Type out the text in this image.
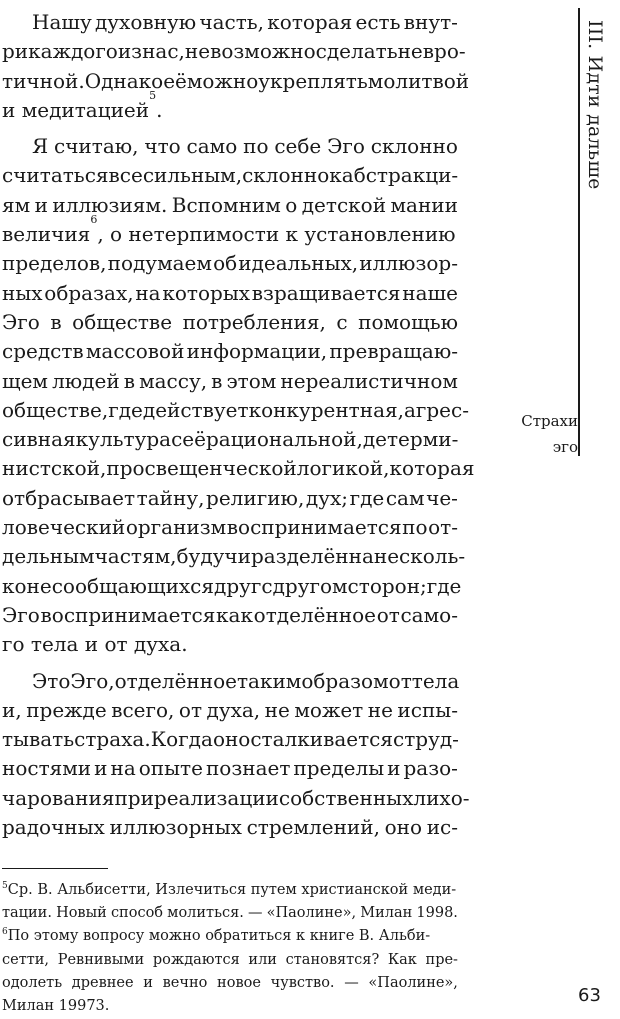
Нашу духовную часть, которая есть внут-
ри каждого из нас, невозможно сделать невро-
тичной. Однако её можно укреплять молитвой
и медитацией
5
.
Я считаю, что само по себе Эго склонно
считаться всесильным, склонно к абстракци-
ям и иллюзиям. Вспомним о детской мании
величия
6
, о нетерпимости к установлению
пределов, подумаем об идеальных, иллюзор-
ных образах, на которых взращивается наше
Эго в обществе потребления, с помощью
средств массовой информации, превращаю-
щем людей в массу, в этом нереалистичном
обществе, где действует конкурентная, агрес-
сивная культура с её рациональной, детерми-
нистской, просвещенческой логикой, которая
отбрасывает тайну, религию, дух; где сам че-
ловеческий организм воспринимается по от-
дельным частям, будучи разделён на несколь-
ко не сообщающихся друг с другом сторон; где
Эго воспринимается как отделённое от само-
го тела и от духа.
Это Эго, отделённое таким образом от тела
и, прежде всего, от духа, не может не испы-
тывать страха. Когда оно сталкивается с труд-
ностями и на опыте познает пределы и разо-
чарования при реализации собственных лихо-
радочных иллюзорных стремлений, оно ис-
III. Идти дальше
Страхи
эго
$^5$Ср. В. Альбисетти, Излечиться путем христианской меди-
тации. Новый способ молиться. — «Паолине», Милан 1998.
$^6$По этому вопросу можно обратиться к книге В. Альби-
сетти, Ревнивыми рождаются или становятся? Как пре-
одолеть древнее и вечно новое чувство. — «Паолине»,
Милан 19973.	63
